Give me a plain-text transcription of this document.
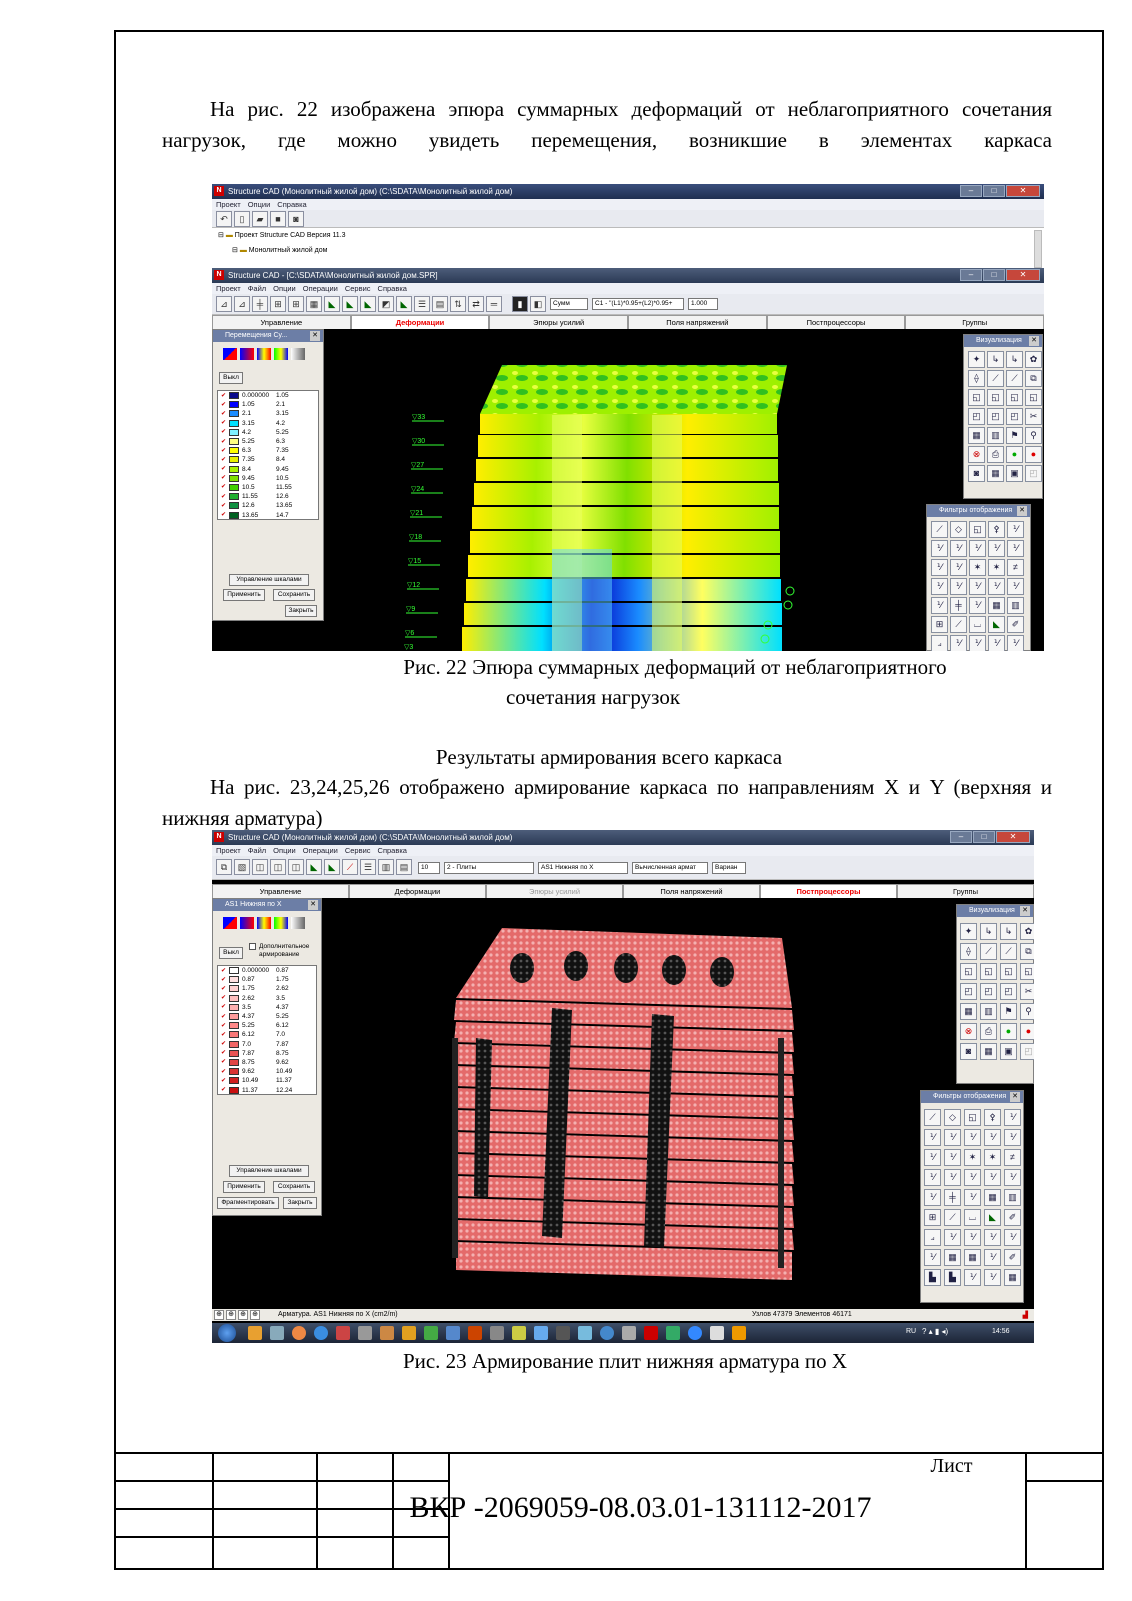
На рис. 22 изображена эпюра суммарных деформаций от неблагоприятного сочетания нагрузок, где можно увидеть перемещения, возникшие в элементах каркаса
N Structure CAD (Монолитный жилой дом) (C:\SDATA\Монолитный жилой дом)	–	□	✕
Проект Опции Справка
↶	▯	▰	■	◙
⊟ ▬ Проект Structure CAD Версия 11.3
⊟ ▬ Монолитный жилой дом
N Structure CAD - [C:\SDATA\Монолитный жилой дом.SPR]	–	□	✕
Проект Файл Опции Операции Сервис Справка
⊿	⊿	╪	⊞	⊞	▦	◣	◣	◣	◩	◣	☰	▤	⇅	⇄	═	▮	◧	Сумм	C1 - "(L1)*0.95+(L2)*0.95+	1.000
Управление	Деформации	Эпюры усилий	Поля напряжений	Постпроцессоры	Группы
▽33
▽30
▽27
▽24
▽21
▽18
▽15
▽12
▽9
▽6
▽3
Перемещения Су...	✕
Выкл
✔ 0.000000	1.05
✔ 1.05	2.1
✔ 2.1	3.15
✔ 3.15	4.2
✔ 4.2	5.25
✔ 5.25	6.3
✔ 6.3	7.35
✔ 7.35	8.4
✔ 8.4	9.45
✔ 9.45	10.5
✔ 10.5	11.55
✔ 11.55	12.6
✔ 12.6	13.65
✔ 13.65	14.7
Управление шкалами
Применить	Сохранить
Закрыть
Визуализация ✕
✦	↳	↳	✿
⟠	⟋	⟋	⧉
◱	◱	◱	◱
◰	◰	◰	✂
▦	▥	⚑	⚲
⊗	⎙	●	●
◙	▦	▣	◰
Фильтры отображения ✕
⟋	◇	◱	⚴	⅟
⅟	⅟	⅟	⅟	⅟
⅟	⅟	✶	✶	≠
⅟	⅟	⅟	⅟	⅟
⅟	╪	⅟	▦	▥
⊞	⟋	⌴	◣	✐
⟓	⅟	⅟	⅟	⅟
Рис. 22 Эпюра суммарных деформаций от неблагоприятного
сочетания нагрузок
Результаты армирования всего каркаса
На рис. 23,24,25,26 отображено армирование каркаса по направлениям X и Y (верхняя и нижняя арматура)
N Structure CAD (Монолитный жилой дом) (C:\SDATA\Монолитный жилой дом)	–	□	✕
Проект Файл Опции Операции Сервис Справка
⧉	▧	◫	◫	◫	◣	◣	⟋	☰	▥	▤	10	2 - Плиты	AS1 Нижняя по X	Вычисленная армат	Вариан
Управление	Деформации	Эпюры усилий	Поля напряжений	Постпроцессоры	Группы
AS1 Нижняя по X	✕
Выкл
Дополнительное армирование
✔ 0.000000	0.87
✔ 0.87	1.75
✔ 1.75	2.62
✔ 2.62	3.5
✔ 3.5	4.37
✔ 4.37	5.25
✔ 5.25	6.12
✔ 6.12	7.0
✔ 7.0	7.87
✔ 7.87	8.75
✔ 8.75	9.62
✔ 9.62	10.49
✔ 10.49	11.37
✔ 11.37	12.24
Управление шкалами
Применить	Сохранить
Фрагментировать	Закрыть
Визуализация ✕
✦	↳	↳	✿
⟠	⟋	⟋	⧉
◱	◱	◱	◱
◰	◰	◰	✂
▦	▥	⚑	⚲
⊗	⎙	●	●
◙	▦	▣	◰
Фильтры отображения ✕
⟋	◇	◱	⚴	⅟
⅟	⅟	⅟	⅟	⅟
⅟	⅟	✶	✶	≠
⅟	⅟	⅟	⅟	⅟
⅟	╪	⅟	▦	▥
⊞	⟋	⌴	◣	✐
⟓	⅟	⅟	⅟	⅟
⅟	▦	▦	⅟	✐
▙	▙	⅟	⅟	▦
⊕ ⊕ ⊕ ⊕	Арматура. AS1 Нижняя по X (cm2/m)	Узлов 47379 Элементов 46171	▟
RU ? ▴ ▮ ◂)	14:56
Рис. 23 Армирование плит нижняя арматура по X
ВКР -2069059-08.03.01-131112-2017
Лист
